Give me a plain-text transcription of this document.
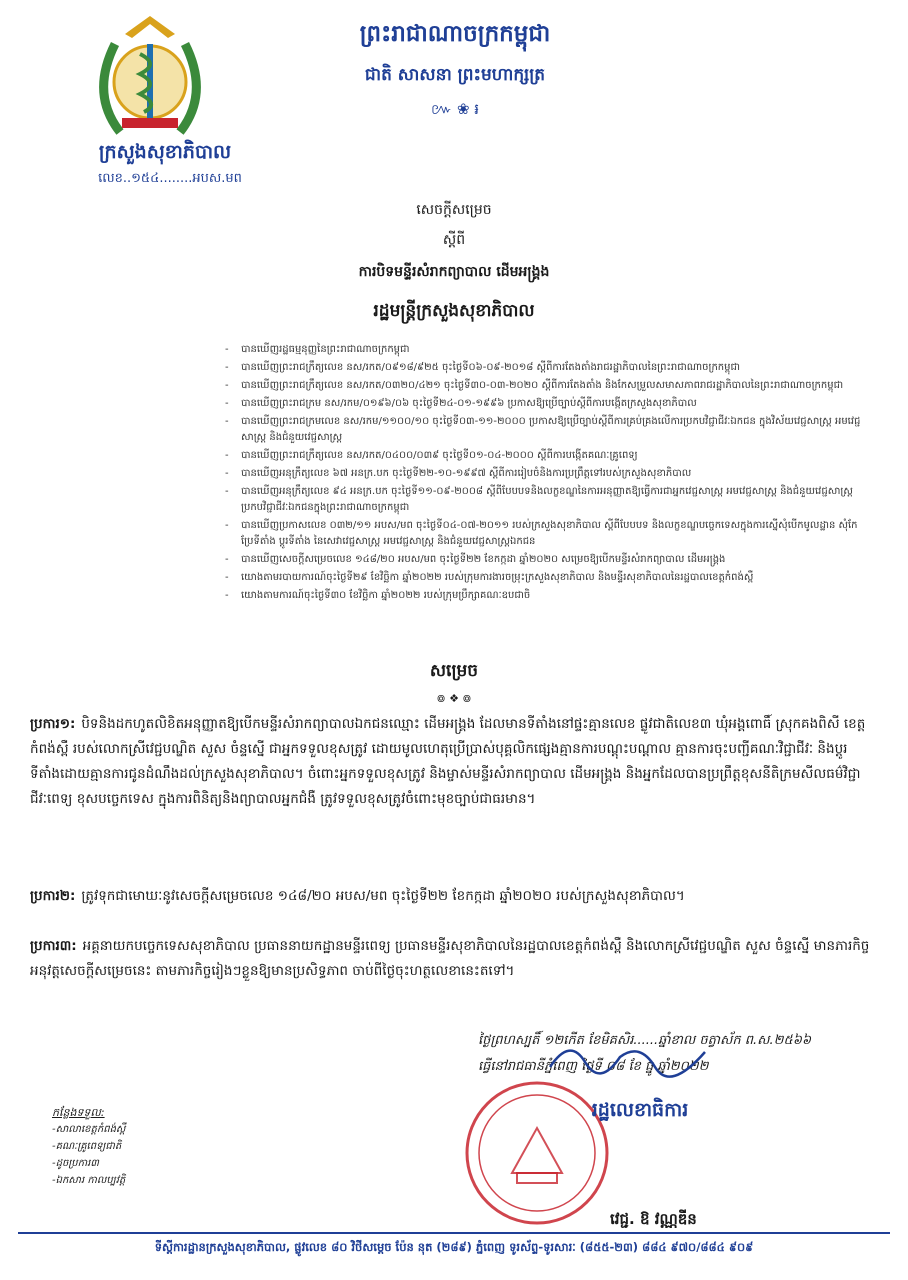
ក្រសួងសុខាភិបាល
លេខ..១៥៤........អបស.មព
ព្រះរាជាណាចក្រកម្ពុជា
ជាតិ សាសនា ព្រះមហាក្សត្រ
៚ ❀ ៛
សេចក្តីសម្រេច
ស្តីពី
ការបិទមន្ទីរសំរាកព្យាបាល ដើមអង្គ្រង
រដ្ឋមន្ត្រីក្រសួងសុខាភិបាល
- បានឃើញរដ្ឋធម្មនុញ្ញនៃព្រះរាជាណាចក្រកម្ពុជា
- បានឃើញព្រះរាជក្រឹត្យលេខ នស/រកត/០៩១៨/៩២៥ ចុះថ្ងៃទី០៦-០៩-២០១៨ ស្តីពីការតែងតាំងរាជរដ្ឋាភិបាលនៃព្រះរាជាណាចក្រកម្ពុជា
- បានឃើញព្រះរាជក្រឹត្យលេខ នស/រកត/០៣២០/៤២១ ចុះថ្ងៃទី៣០-០៣-២០២០ ស្តីពីការតែងតាំង និងកែសម្រួលសមាសភាពរាជរដ្ឋាភិបាលនៃព្រះរាជាណាចក្រកម្ពុជា
- បានឃើញព្រះរាជក្រម នស/រកម/០១៩៦/០៦ ចុះថ្ងៃទី២៤-០១-១៩៩៦ ប្រកាសឱ្យប្រើច្បាប់ស្តីពីការបង្កើតក្រសួងសុខាភិបាល
- បានឃើញព្រះរាជក្រមលេខ នស/រកម/១១០០/១០ ចុះថ្ងៃទី០៣-១១-២០០០ ប្រកាសឱ្យប្រើច្បាប់ស្តីពីការគ្រប់គ្រងលើការប្រកបវិជ្ជាជីវៈឯកជន ក្នុងវិស័យវេជ្ជសាស្ត្រ អមវេជ្ជសាស្ត្រ និងជំនួយវេជ្ជសាស្ត្រ
- បានឃើញព្រះរាជក្រឹត្យលេខ នស/រកត/០៤០០/០៣៩ ចុះថ្ងៃទី០១-០៤-២០០០ ស្តីពីការបង្កើតគណៈគ្រូពេទ្យ
- បានឃើញអនុក្រឹត្យលេខ ៦៧ អនក្រ.បក ចុះថ្ងៃទី២២-១០-១៩៩៧ ស្តីពីការរៀបចំនិងការប្រព្រឹត្តទៅរបស់ក្រសួងសុខាភិបាល
- បានឃើញអនុក្រឹត្យលេខ ៩៤ អនក្រ.បក ចុះថ្ងៃទី១១-០៩-២០០៨ ស្តីពីបែបបទនិងលក្ខខណ្ឌនៃការអនុញ្ញាតឱ្យធ្វើការជាអ្នកវេជ្ជសាស្ត្រ អមវេជ្ជសាស្ត្រ និងជំនួយវេជ្ជសាស្ត្រ ប្រកបវិជ្ជាជីវៈឯកជនក្នុងព្រះរាជាណាចក្រកម្ពុជា
- បានឃើញប្រកាសលេខ ០៣២/១១ អបស/មព ចុះថ្ងៃទី០៤-០៧-២០១១ របស់ក្រសួងសុខាភិបាល ស្តីពីបែបបទ និងលក្ខខណ្ឌបច្ចេកទេសក្នុងការស្នើសុំបើកមូលដ្ឋាន សុំកែប្រែទីតាំង ប្តូរទីតាំង នៃសេវាវេជ្ជសាស្ត្រ អមវេជ្ជសាស្ត្រ និងជំនួយវេជ្ជសាស្ត្រឯកជន
- បានឃើញសេចក្តីសម្រេចលេខ ១៤៨/២០ អបស/មព ចុះថ្ងៃទី២២ ខែកក្កដា ឆ្នាំ២០២០ សម្រេចឱ្យបើកមន្ទីរសំរាកព្យាបាល ដើមអង្គ្រង
- យោងតាមរបាយការណ៍ចុះថ្ងៃទី២៩ ខែវិច្ឆិកា ឆ្នាំ២០២២ របស់ក្រុមការងារចម្រុះក្រសួងសុខាភិបាល និងមន្ទីរសុខាភិបាលនៃរដ្ឋបាលខេត្តកំពង់ស្ពឺ
- យោងតាមការណ៍ចុះថ្ងៃទី៣០ ខែវិច្ឆិកា ឆ្នាំ២០២២ របស់ក្រុមប្រឹក្សាគណៈឧបជាចិ
សម្រេច
៙ ❖ ៙
ប្រការ១: បិទនិងដកហូតលិខិតអនុញ្ញាតឱ្យបើកមន្ទីរសំរាកព្យាបាលឯកជនឈ្មោះ ដើមអង្គ្រង ដែលមានទីតាំងនៅផ្ទះគ្មានលេខ ផ្លូវជាតិលេខ៣ ឃុំអង្គពោធិ៍ ស្រុកគងពិសី ខេត្តកំពង់ស្ពឺ របស់លោកស្រីវេជ្ជបណ្ឌិត សួស ចំន្ទស្នើ ជាអ្នកទទួលខុសត្រូវ ដោយមូលហេតុប្រើប្រាស់បុគ្គលិកផ្សេងគ្មានការបណ្តុះបណ្តាល គ្មានការចុះបញ្ជីគណៈវិជ្ជាជីវៈ និងប្តូរទីតាំងដោយគ្មានការជូនដំណឹងដល់ក្រសួងសុខាភិបាល។ ចំពោះអ្នកទទួលខុសត្រូវ និងម្ចាស់មន្ទីរសំរាកព្យាបាល ដើមអង្គ្រង និងអ្នកដែលបានប្រព្រឹត្តខុសនីតិក្រមសីលធម៌វិជ្ជាជីវៈពេទ្យ ខុសបច្ចេកទេស ក្នុងការពិនិត្យនិងព្យាបាលអ្នកជំងឺ ត្រូវទទួលខុសត្រូវចំពោះមុខច្បាប់ជាធរមាន។
ប្រការ២: ត្រូវទុកជាមោឃៈនូវសេចក្តីសម្រេចលេខ ១៤៨/២០ អបស/មព ចុះថ្ងៃទី២២ ខែកក្កដា ឆ្នាំ២០២០ របស់ក្រសួងសុខាភិបាល។
ប្រការ៣: អគ្គនាយកបច្ចេកទេសសុខាភិបាល ប្រធាននាយកដ្ឋានមន្ទីរពេទ្យ ប្រធានមន្ទីរសុខាភិបាលនៃរដ្ឋបាលខេត្តកំពង់ស្ពឺ និងលោកស្រីវេជ្ជបណ្ឌិត សួស ចំន្ទស្នើ មានភារកិច្ចអនុវត្តសេចក្តីសម្រេចនេះ តាមភារកិច្ចរៀងៗខ្លួនឱ្យមានប្រសិទ្ធភាព ចាប់ពីថ្ងៃចុះហត្ថលេខានេះតទៅ។
ថ្ងៃព្រហស្បតិ៍ ១២កើត ខែមិគសិរ......ឆ្នាំខាល ចត្វាស័ក ព.ស.២៥៦៦
ធ្វើនៅរាជធានីភ្នំពេញ ថ្ងៃទី ០៨ ខែ ធ្នូ ឆ្នាំ២០២២
រដ្ឋលេខាធិការ
វេជ្ជ. ឱ វណ្ណឌីន
កន្លែងទទួល:
-សាលាខេត្តកំពង់ស្ពឺ
-គណៈគ្រូពេទ្យជាតិ
-ដូចប្រការ៣
-ឯកសារ កាលប្បវត្តិ
ទីស្តីការដ្ឋានក្រសួងសុខាភិបាល, ផ្លូវលេខ ៨០ វិថីសម្តេច ប៉ែន នុត (២៨៩) ភ្នំពេញ ទូរស័ព្ទ-ទូរសារៈ (៨៥៥-២៣) ៨៨៤ ៩៧០/៨៨៤ ៩០៩
